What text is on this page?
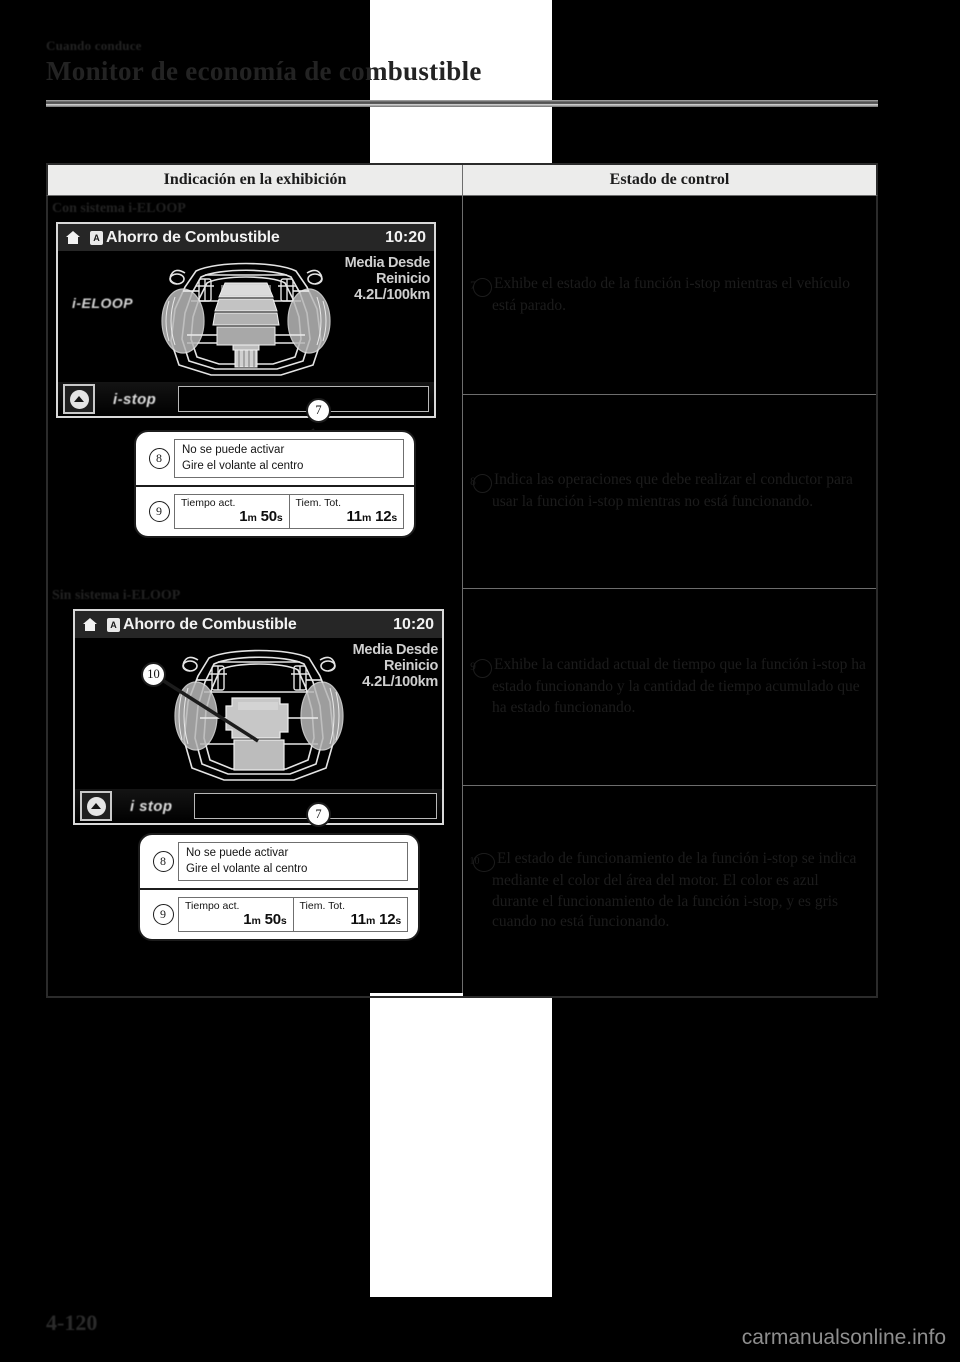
Cuando conduce

Monitor de economía de combustible
Indicación en la exhibición	Estado de control
Con sistema i-ELOOP
A Ahorro de Combustible	10:20
i-ELOOP
Media Desde
Reinicio
4.2L/100km
i-stop
7
8
No se puede activar
Gire el volante al centro
9
Tiempo act.
1m 50s
Tiem. Tot.
11m 12s
Sin sistema i-ELOOP
A Ahorro de Combustible	10:20
Media Desde
Reinicio
4.2L/100km
i stop
10
7
8
No se puede activar
Gire el volante al centro
9
Tiempo act.
1m 50s
Tiem. Tot.
11m 12s

7 Exhibe el estado de la función i-stop mientras el vehículo está parado.

8 Indica las operaciones que debe realizar el conductor para usar la función i-stop mientras no está funcionando.

9 Exhibe la cantidad actual de tiempo que la función i-stop ha estado funcionando y la cantidad de tiempo acumulado que ha estado funcionando.

10 El estado de funcionamiento de la función i-stop se indica mediante el color del área del motor. El color es azul durante el funcionamiento de la función i-stop, y es gris cuando no está funcionando.

4-120
carmanualsonline.info
